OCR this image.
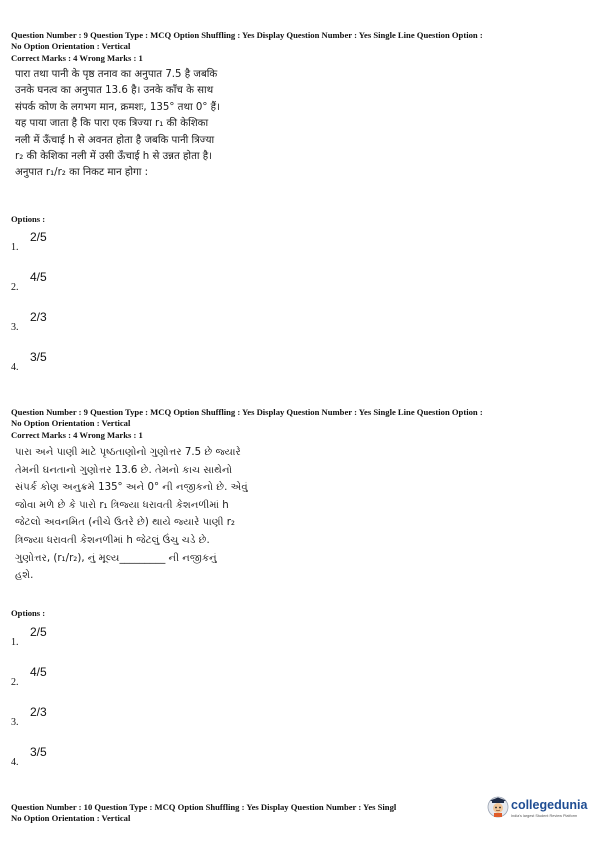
Question Number : 9 Question Type : MCQ Option Shuffling : Yes Display Question Number : Yes Single Line Question Option :
No Option Orientation : Vertical
Correct Marks : 4 Wrong Marks : 1
पारा तथा पानी के पृष्ठ तनाव का अनुपात 7.5 है जबकि
उनके घनत्व का अनुपात 13.6 है। उनके काँच के साथ
संपर्क कोण के लगभग मान, क्रमशः, 135° तथा 0° हैं।
यह पाया जाता है कि पारा एक त्रिज्या r₁ की केशिका
नली में ऊँचाई h से अवनत होता है जबकि पानी त्रिज्या
r₂ की केशिका नली में उसी ऊँचाई h से उन्नत होता है।
अनुपात r₁/r₂ का निकट मान होगा :
Options :
1.
2/5
2.
4/5
3.
2/3
4.
3/5
Question Number : 9 Question Type : MCQ Option Shuffling : Yes Display Question Number : Yes Single Line Question Option :
No Option Orientation : Vertical
Correct Marks : 4 Wrong Marks : 1
પારા અને પાણી માટે પૃષ્ઠતાણોનો ગુણોત્તર 7.5 છે જ્યારે
તેમની ઘનતાનો ગુણોત્તર 13.6 છે. તેમનો કાચ સાથેનો
સંપર્ક કોણ અનુક્રમે 135° અને 0° ની નજીકનો છે. એવું
જોવા મળે છે કે પારો r₁ ત્રિજ્યા ધરાવતી કેશનળીમાં h
જેટલો અવનમિત (નીચે ઉતરે છે) થાયે જ્યારે પાણી r₂
ત્રિજ્યા ધરાવતી કેશનળીમાં h જેટલું ઉંચુ ચડે છે.
ગુણોત્તર, (r₁/r₂), નું મૂલ્ય_________ ની નજીકનું
હશે.
Options :
1.
2/5
2.
4/5
3.
2/3
4.
3/5
Question Number : 10 Question Type : MCQ Option Shuffling : Yes Display Question Number : Yes Singl
No Option Orientation : Vertical
collegedunia
India's largest Student Review Platform
